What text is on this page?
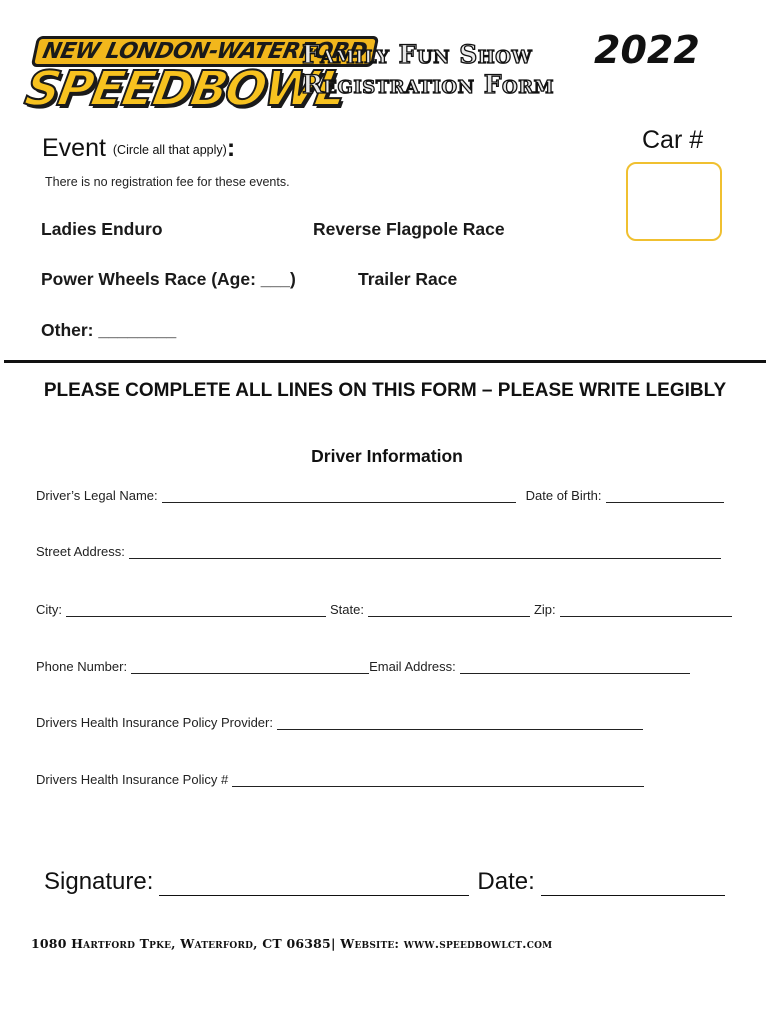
NEW LONDON-WATERFORD
SPEEDBOWL
Family Fun Show
Registration Form
2022
Event (Circle all that apply):
There is no registration fee for these events.
Car #
Ladies Enduro	Reverse Flagpole Race
Power Wheels Race (Age: ___)	Trailer Race
Other: ________
PLEASE COMPLETE ALL LINES ON THIS FORM – PLEASE WRITE LEGIBLY
Driver Information
Driver’s Legal Name:	Date of Birth:
Street Address:
City:	State:	Zip:
Phone Number:	Email Address:
Drivers Health Insurance Policy Provider:
Drivers Health Insurance Policy #
Signature:	Date:
1080 Hartford Tpke, Waterford, CT 06385| Website: www.speedbowlct.com
